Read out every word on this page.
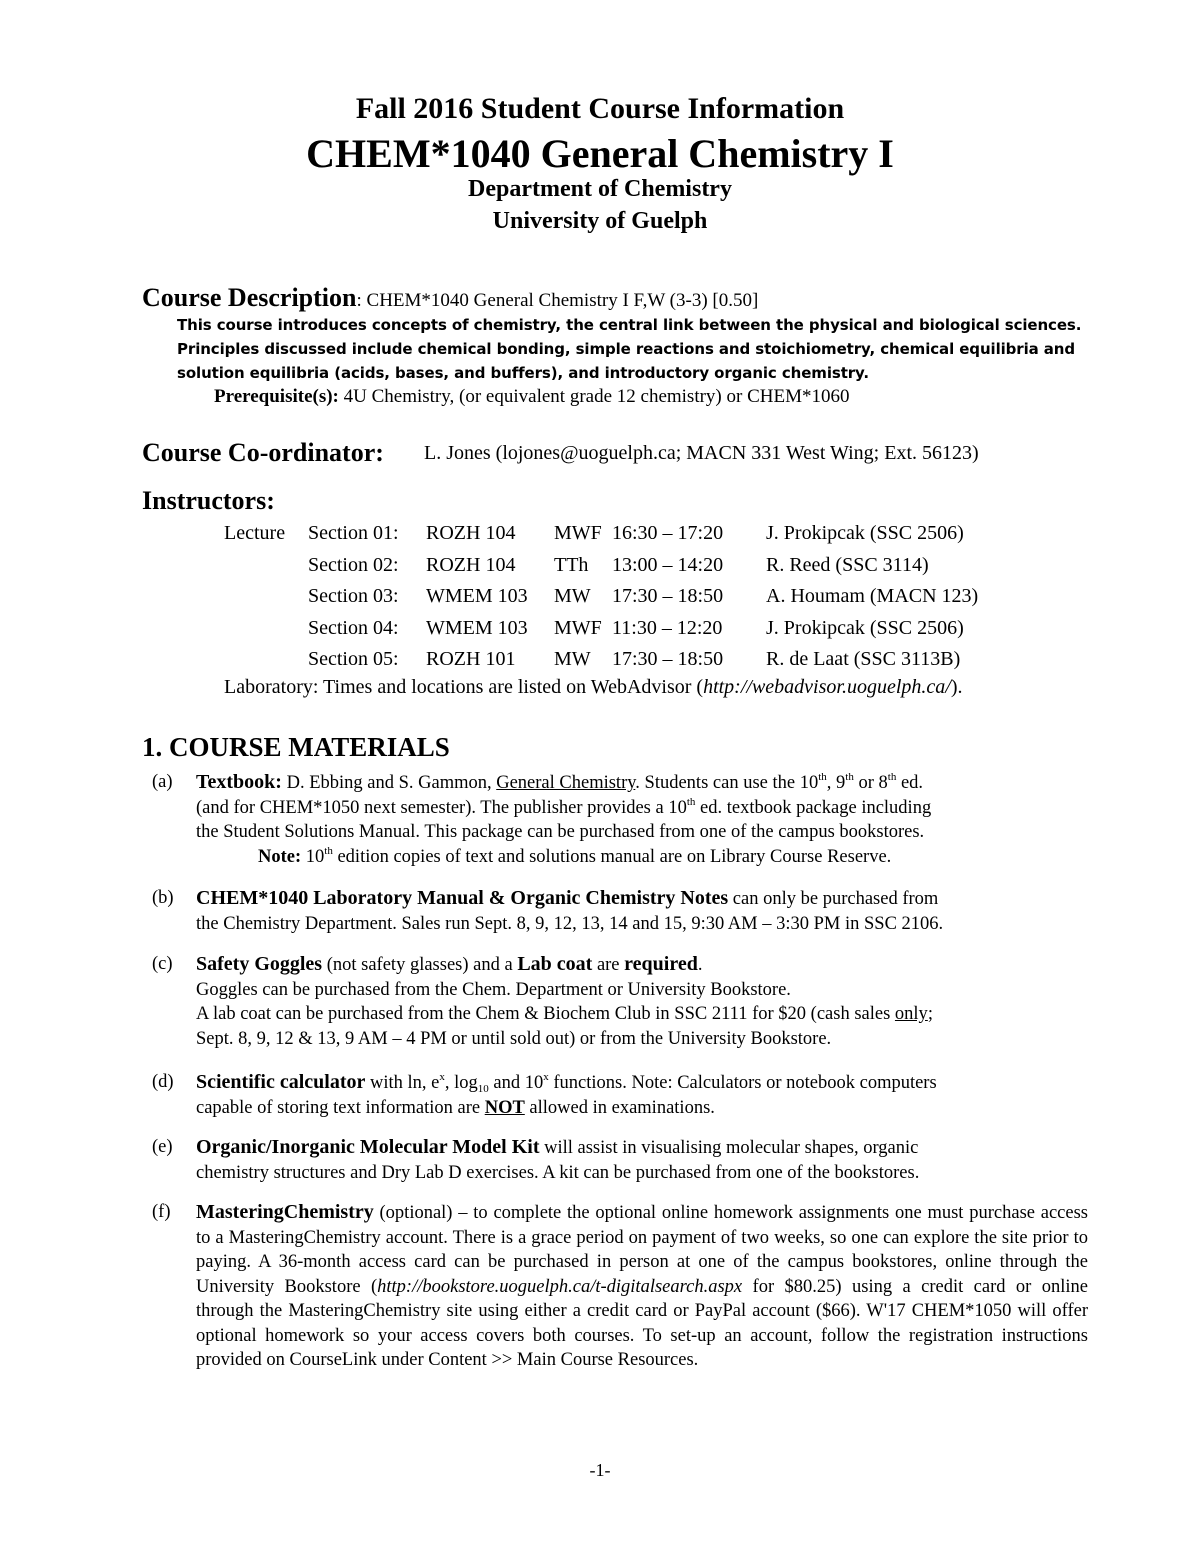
Fall 2016 Student Course Information
CHEM*1040 General Chemistry I
Department of Chemistry
University of Guelph
Course Description: CHEM*1040 General Chemistry I F,W (3-3) [0.50]
This course introduces concepts of chemistry, the central link between the physical and biological sciences.
Principles discussed include chemical bonding, simple reactions and stoichiometry, chemical equilibria and
solution equilibria (acids, bases, and buffers), and introductory organic chemistry.
Prerequisite(s): 4U Chemistry, (or equivalent grade 12 chemistry) or CHEM*1060
Course Co-ordinator: L. Jones (lojones@uoguelph.ca; MACN 331 West Wing; Ext. 56123)
Instructors:
Lecture	Section 01:	ROZH 104	MWF	16:30 – 17:20	J. Prokipcak (SSC 2506)
	Section 02:	ROZH 104	TTh	13:00 – 14:20	R. Reed (SSC 3114)
	Section 03:	WMEM 103	MW	17:30 – 18:50	A. Houmam (MACN 123)
	Section 04:	WMEM 103	MWF	11:30 – 12:20	J. Prokipcak (SSC 2506)
	Section 05:	ROZH 101	MW	17:30 – 18:50	R. de Laat (SSC 3113B)
Laboratory: Times and locations are listed on WebAdvisor (http://webadvisor.uoguelph.ca/).
1. COURSE MATERIALS
(a) Textbook: D. Ebbing and S. Gammon, General Chemistry. Students can use the 10th, 9th or 8th ed.

(and for CHEM*1050 next semester). The publisher provides a 10th ed. textbook package including

the Student Solutions Manual. This package can be purchased from one of the campus bookstores.

Note: 10th edition copies of text and solutions manual are on Library Course Reserve.

(b) CHEM*1040 Laboratory Manual & Organic Chemistry Notes can only be purchased from

the Chemistry Department. Sales run Sept. 8, 9, 12, 13, 14 and 15, 9:30 AM – 3:30 PM in SSC 2106.

(c) Safety Goggles (not safety glasses) and a Lab coat are required.

Goggles can be purchased from the Chem. Department or University Bookstore.

A lab coat can be purchased from the Chem & Biochem Club in SSC 2111 for $20 (cash sales only;

Sept. 8, 9, 12 & 13, 9 AM – 4 PM or until sold out) or from the University Bookstore.

(d) Scientific calculator with ln, $e^x$, $\log_{10}$ and 10$^x$ functions. Note: Calculators or notebook computers

capable of storing text information are NOT allowed in examinations.

(e) Organic/Inorganic Molecular Model Kit will assist in visualising molecular shapes, organic

chemistry structures and Dry Lab D exercises. A kit can be purchased from one of the bookstores.

(f) MasteringChemistry (optional) – to complete the optional online homework assignments one must purchase access to a MasteringChemistry account. There is a grace period on payment of two weeks, so one can explore the site prior to paying. A 36-month access card can be purchased in person at one of the campus bookstores, online through the University Bookstore (http://bookstore.uoguelph.ca/t-digitalsearch.aspx for $80.25) using a credit card or online through the MasteringChemistry site using either a credit card or PayPal account ($66). W'17 CHEM*1050 will offer optional homework so your access covers both courses. To set-up an account, follow the registration instructions provided on CourseLink under Content >> Main Course Resources.

-1-
